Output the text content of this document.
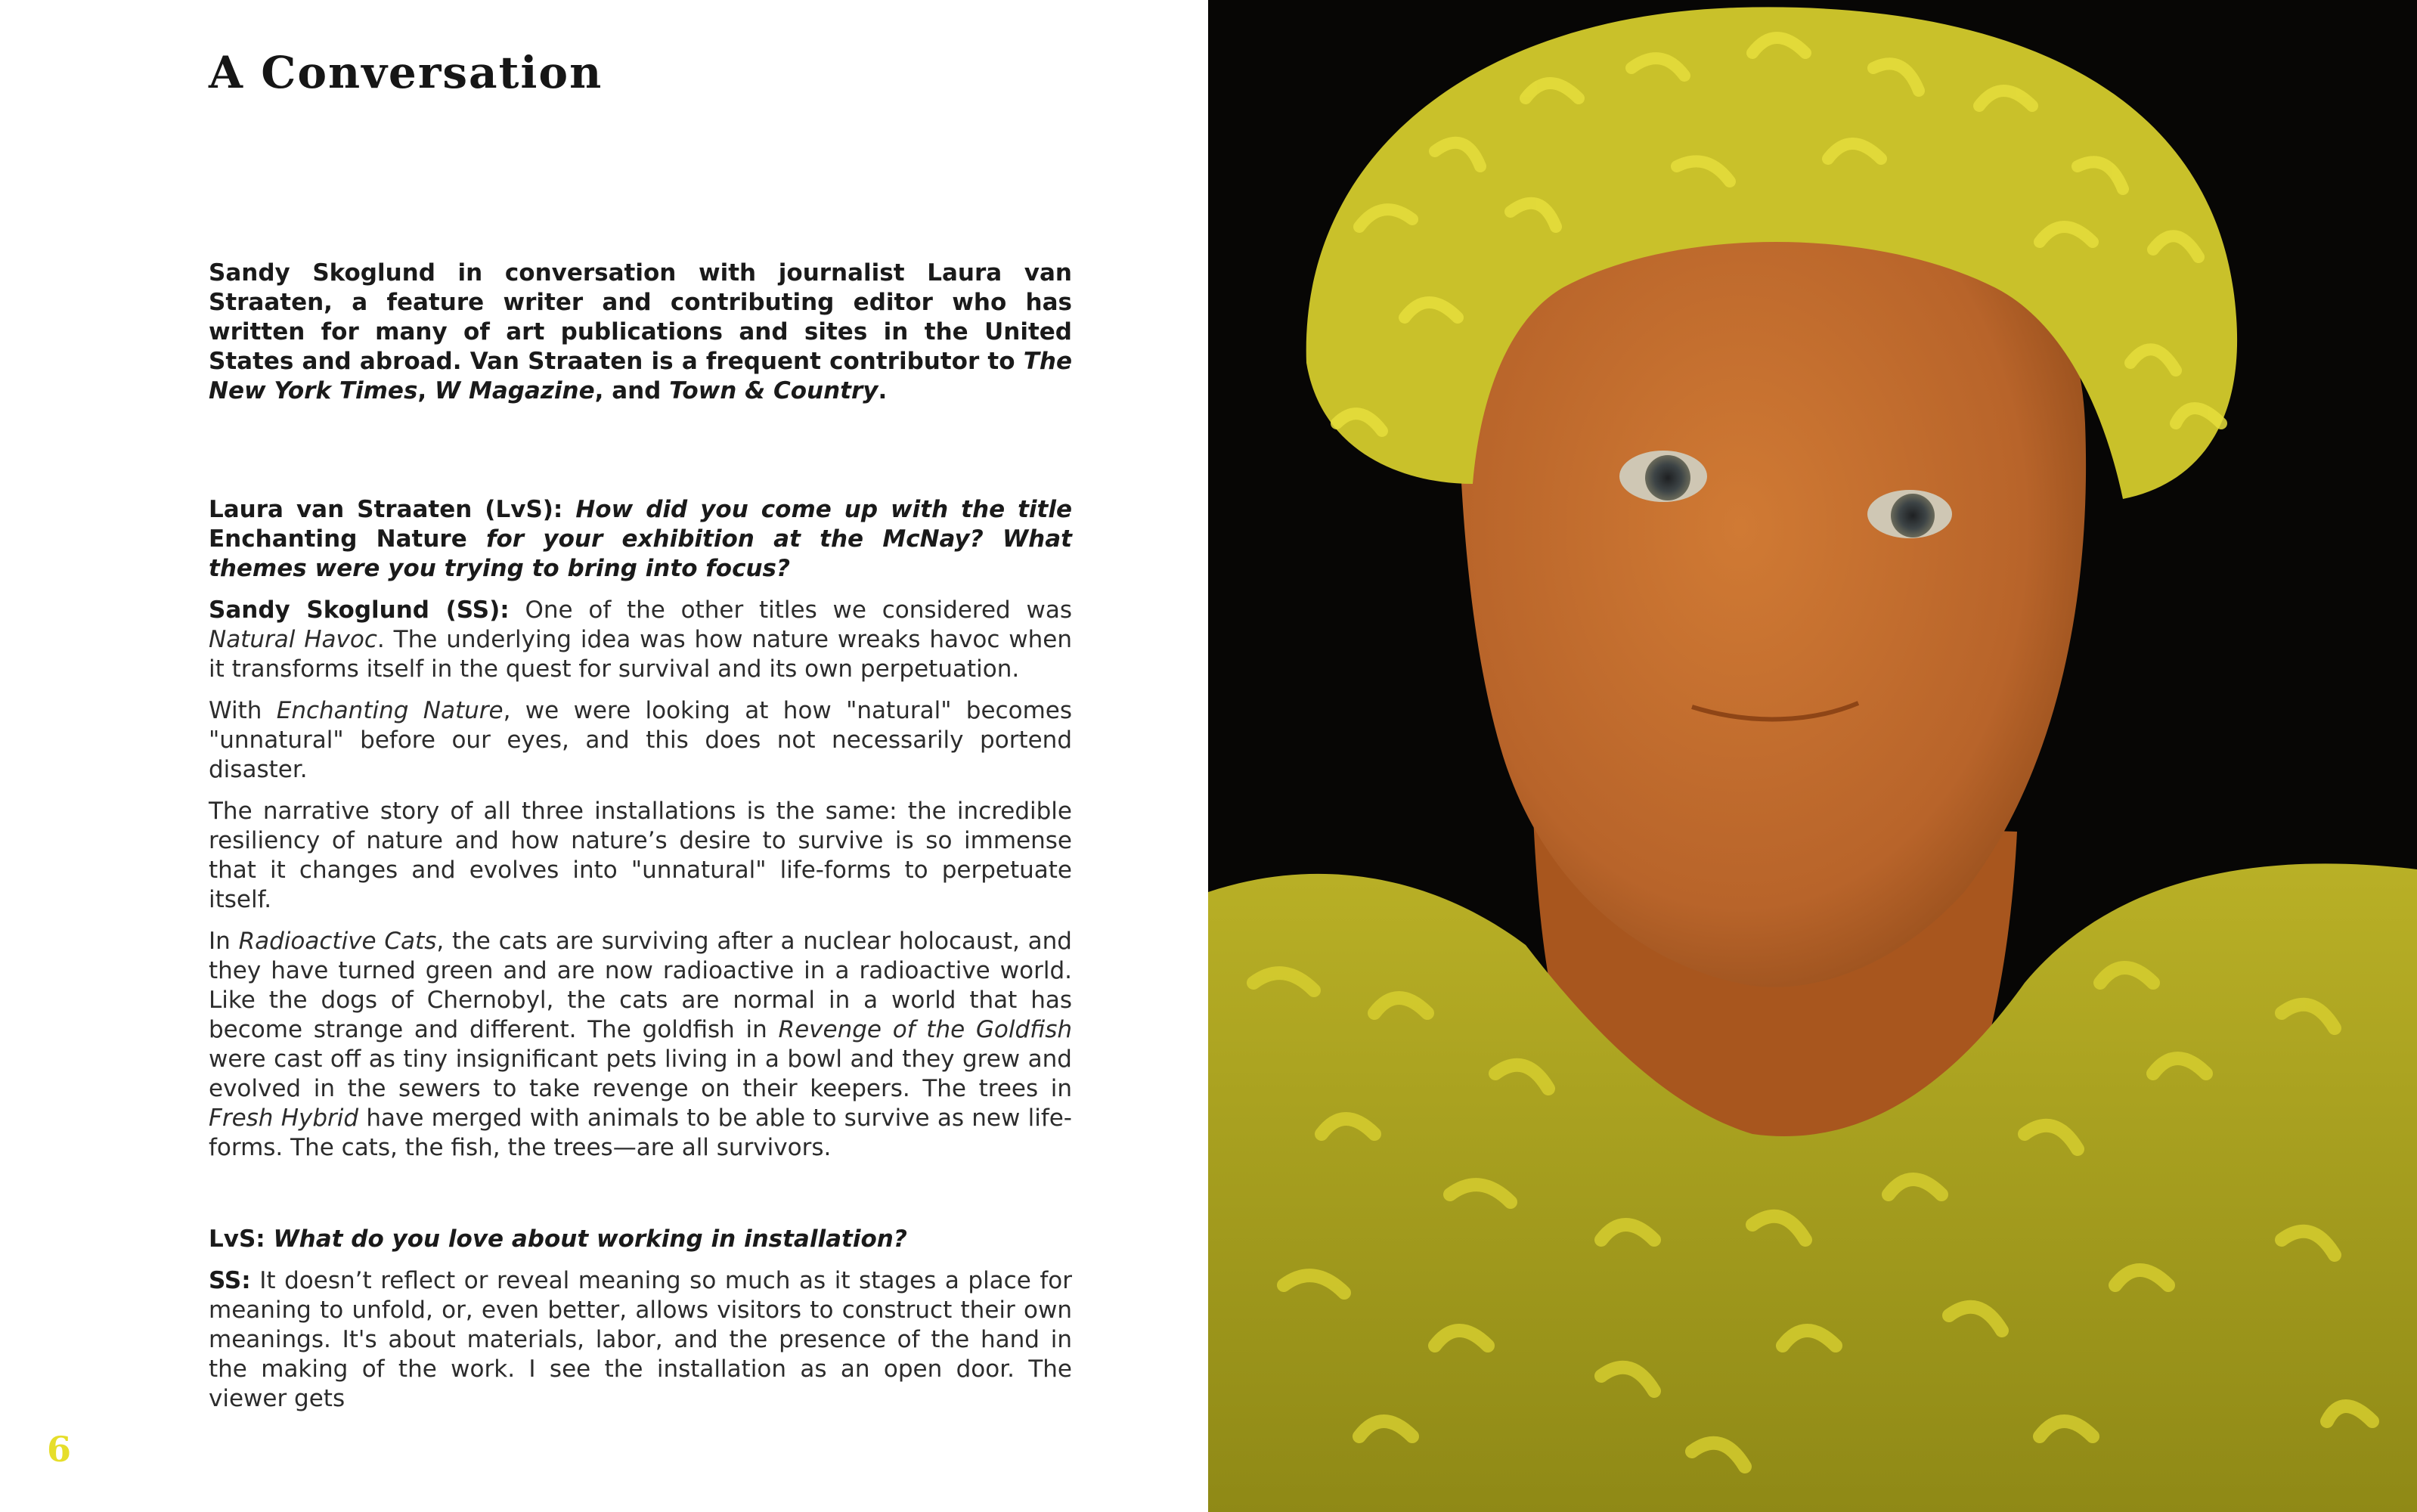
A Conversation

Sandy Skoglund in conversation with journalist Laura van Straaten, a feature writer and contributing editor who has written for many of art publications and sites in the United States and abroad. Van Straaten is a frequent contributor to The New York Times, W Magazine, and Town & Country.

Laura van Straaten (LvS): How did you come up with the title Enchanting Nature for your exhibition at the McNay? What themes were you trying to bring into focus?

Sandy Skoglund (SS): One of the other titles we considered was Natural Havoc. The underlying idea was how nature wreaks havoc when it transforms itself in the quest for survival and its own perpetuation.

With Enchanting Nature, we were looking at how "natural" becomes "unnatural" before our eyes, and this does not necessarily portend disaster.

The narrative story of all three installations is the same: the incredible resiliency of nature and how nature’s desire to survive is so immense that it changes and evolves into "unnatural" life-forms to perpetuate itself.

In Radioactive Cats, the cats are surviving after a nuclear holocaust, and they have turned green and are now radioactive in a radioactive world. Like the dogs of Chernobyl, the cats are normal in a world that has become strange and different. The goldfish in Revenge of the Goldfish were cast off as tiny insignificant pets living in a bowl and they grew and evolved in the sewers to take revenge on their keepers. The trees in Fresh Hybrid have merged with animals to be able to survive as new life-forms. The cats, the fish, the trees—are all survivors.

LvS: What do you love about working in installation?

SS: It doesn’t reflect or reveal meaning so much as it stages a place for meaning to unfold, or, even better, allows visitors to construct their own meanings. It's about materials, labor, and the presence of the hand in the making of the work. I see the installation as an open door. The viewer gets

6
